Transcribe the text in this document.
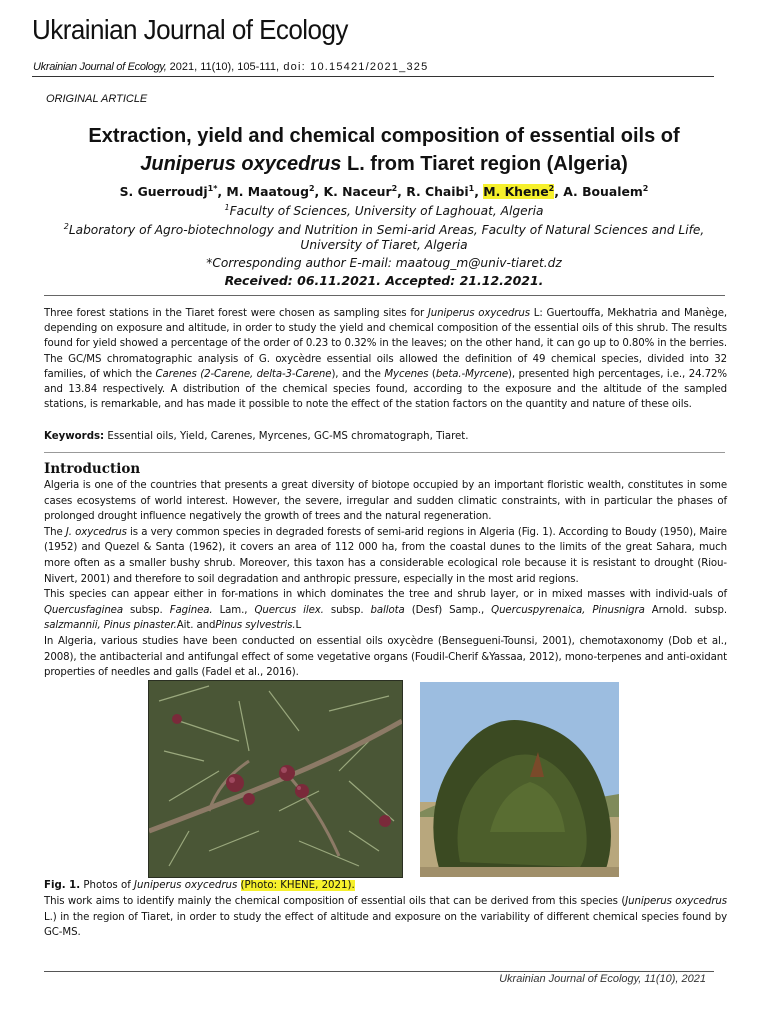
Ukrainian Journal of Ecology
Ukrainian Journal of Ecology, 2021, 11(10), 105-111, doi: 10.15421/2021_325
ORIGINAL ARTICLE
Extraction, yield and chemical composition of essential oils of
Juniperus oxycedrus L. from Tiaret region (Algeria)
S. Guerroudj$^{1*}$, M. Maatoug$^2$, K. Naceur$^2$, R. Chaibi$^1$, M. Khene$^2$, A. Boualem$^2$
$^1$Faculty of Sciences, University of Laghouat, Algeria
$^2$Laboratory of Agro-biotechnology and Nutrition in Semi-arid Areas, Faculty of Natural Sciences and Life,
University of Tiaret, Algeria
*Corresponding author E-mail: maatoug_m@univ-tiaret.dz
Received: 06.11.2021. Accepted: 21.12.2021.
Three forest stations in the Tiaret forest were chosen as sampling sites for Juniperus oxycedrus L: Guertouffa, Mekhatria and Manège, depending on exposure and altitude, in order to study the yield and chemical composition of the essential oils of this shrub. The results found for yield showed a percentage of the order of 0.23 to 0.32% in the leaves; on the other hand, it can go up to 0.80% in the berries. The GC/MS chromatographic analysis of G. oxycèdre essential oils allowed the definition of 49 chemical species, divided into 32 families, of which the Carenes (2-Carene, delta-3-Carene), and the Mycenes (beta.-Myrcene), presented high percentages, i.e., 24.72% and 13.84 respectively. A distribution of the chemical species found, according to the exposure and the altitude of the sampled stations, is remarkable, and has made it possible to note the effect of the station factors on the quantity and nature of these oils.
Keywords: Essential oils, Yield, Carenes, Myrcenes, GC-MS chromatograph, Tiaret.
Introduction

Algeria is one of the countries that presents a great diversity of biotope occupied by an important floristic wealth, constitutes in some cases ecosystems of world interest. However, the severe, irregular and sudden climatic constraints, with in particular the phases of prolonged drought influence negatively the growth of trees and the natural regeneration.

The J. oxycedrus is a very common species in degraded forests of semi-arid regions in Algeria (Fig. 1). According to Boudy (1950), Maire (1952) and Quezel & Santa (1962), it covers an area of 112 000 ha, from the coastal dunes to the limits of the great Sahara, much more often as a smaller bushy shrub. Moreover, this taxon has a considerable ecological role because it is resistant to drought (Riou-Nivert, 2001) and therefore to soil degradation and anthropic pressure, especially in the most arid regions.

This species can appear either in for-mations in which dominates the tree and shrub layer, or in mixed masses with individ-uals of Quercusfaginea subsp. Faginea. Lam., Quercus ilex. subsp. ballota (Desf) Samp., Quercuspyrenaica, Pinusnigra Arnold. subsp. salzmannii, Pinus pinaster.Ait. andPinus sylvestris.L

In Algeria, various studies have been conducted on essential oils oxycèdre (Benseguеni-Tounsi, 2001), chemotaxonomy (Dob et al., 2008), the antibacterial and antifungal effect of some vegetative organs (Foudil-Cherif &Yassaa, 2012), mono-terpenes and anti-oxidant properties of needles and galls (Fadel et al., 2016).

Fig. 1. Photos of Juniperus oxycedrus (Photo: KHENE, 2021).
This work aims to identify mainly the chemical composition of essential oils that can be derived from this species (Juniperus oxycedrus L.) in the region of Tiaret, in order to study the effect of altitude and exposure on the variability of different chemical species found by GC-MS.
Ukrainian Journal of Ecology, 11(10), 2021
